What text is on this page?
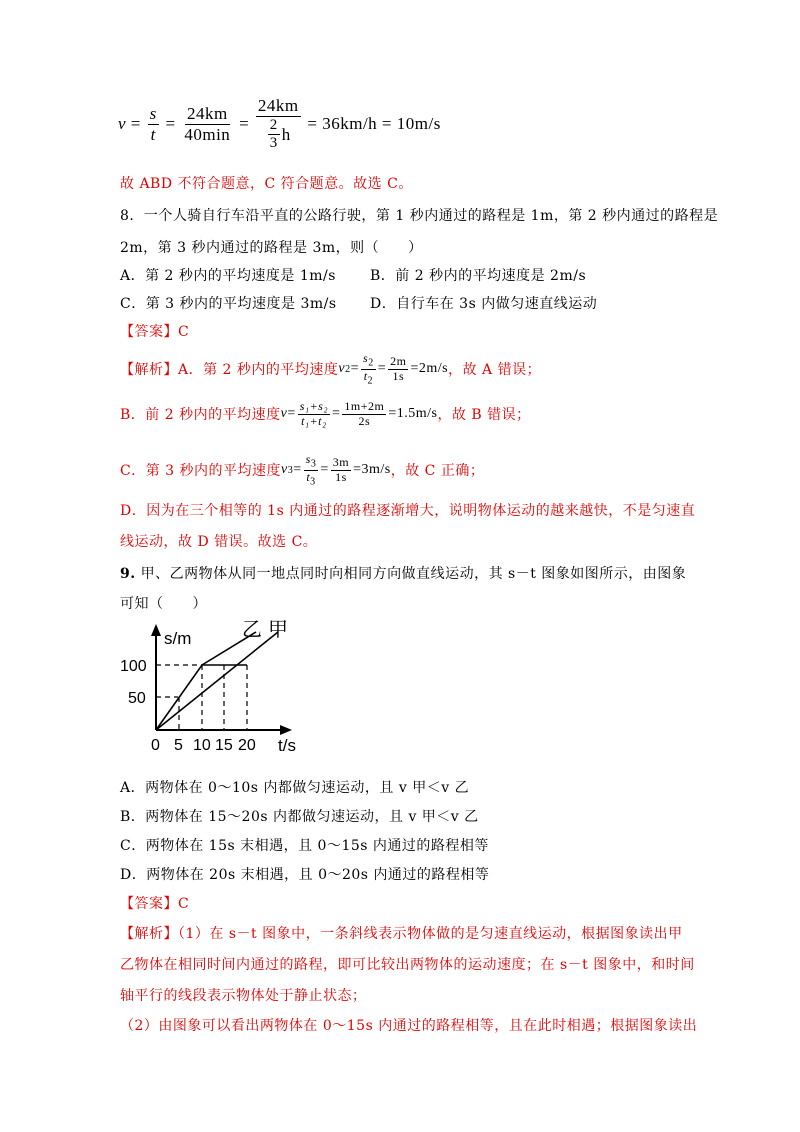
$v = \frac{s}{t} = \frac{24km}{40\min} = \frac{24km}{\frac{2}{3} h}$
= 36km/h = 10m/s
故 ABD 不符合题意，C 符合题意。故选 C。
8．一个人骑自行车沿平直的公路行驶，第 1 秒内通过的路程是 1m，第 2 秒内通过的路程是
2m，第 3 秒内通过的路程是 3m，则（　　）
A．第 2 秒内的平均速度是 1m/s B．前 2 秒内的平均速度是 2m/s
C．第 3 秒内的平均速度是 3m/s D．自行车在 3s 内做匀速直线运动
【答案】C
【解析】A．第 2 秒内的平均速度 v $2 = \frac{s_2}{t_2} = \frac{2m}{1s} =2m/s$ ，故 A 错误；
B．前 2 秒内的平均速度 $v = \frac{\text{s₁+s₂}}{\text{t₁+t₂}} = \frac{1m+2m}{2s} =1.5m/s$ ，故 B 错误；
C．第 3 秒内的平均速度 v $3 = \frac{s_3}{t_3} = \frac{3m}{1s} =3m/s$ ，故 C 正确；
D．因为在三个相等的 1s 内通过的路程逐渐增大，说明物体运动的越来越快，不是匀速直
线运动，故 D 错误。故选 C。
9. 甲、乙两物体从同一地点同时向相同方向做直线运动，其 s－t 图象如图所示，由图象
可知（　　）
s/m
t/s
乙 甲
100
50
0 5 10 15 20
A．两物体在 0～10s 内都做匀速运动，且 v 甲＜v 乙
B．两物体在 15～20s 内都做匀速运动，且 v 甲＜v 乙
C．两物体在 15s 末相遇，且 0～15s 内通过的路程相等
D．两物体在 20s 末相遇，且 0～20s 内通过的路程相等
【答案】C
【解析】（1）在 s－t 图象中，一条斜线表示物体做的是匀速直线运动，根据图象读出甲
乙物体在相同时间内通过的路程，即可比较出两物体的运动速度；在 s－t 图象中，和时间
轴平行的线段表示物体处于静止状态；
（2）由图象可以看出两物体在 0～15s 内通过的路程相等，且在此时相遇；根据图象读出
